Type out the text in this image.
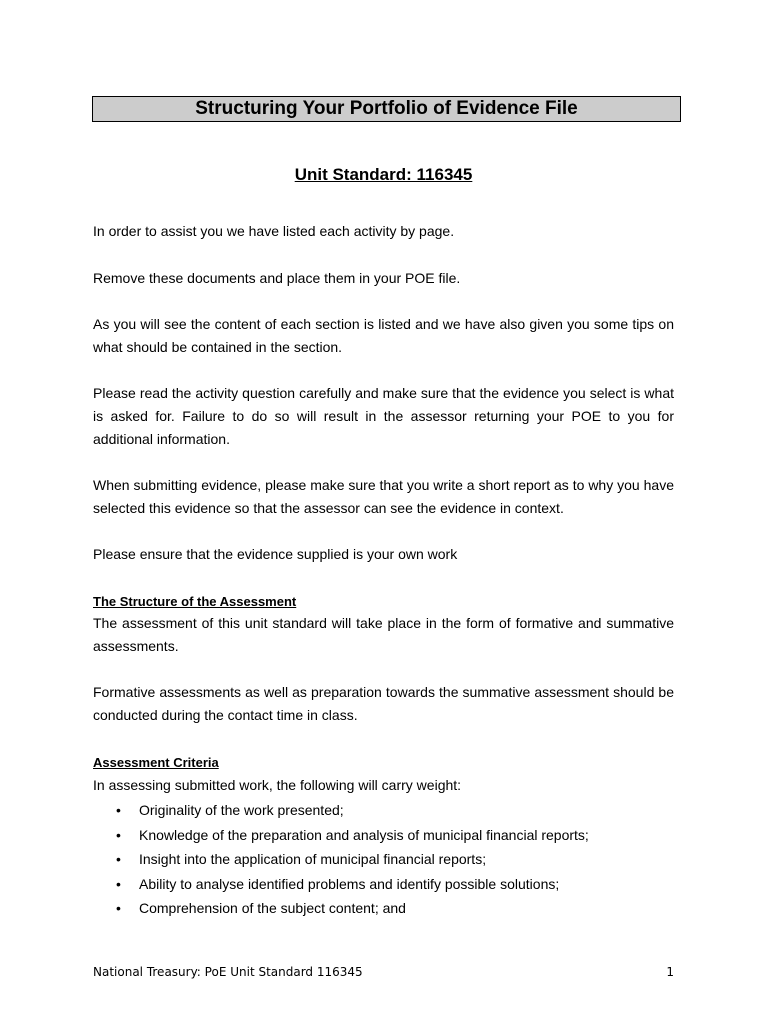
Structuring Your Portfolio of Evidence File
Unit Standard: 116345

In order to assist you we have listed each activity by page.

Remove these documents and place them in your POE file.

As you will see the content of each section is listed and we have also given you some tips on what should be contained in the section.

Please read the activity question carefully and make sure that the evidence you select is what is asked for. Failure to do so will result in the assessor returning your POE to you for additional information.

When submitting evidence, please make sure that you write a short report as to why you have selected this evidence so that the assessor can see the evidence in context.

Please ensure that the evidence supplied is your own work

The Structure of the Assessment

The assessment of this unit standard will take place in the form of formative and summative assessments.

Formative assessments as well as preparation towards the summative assessment should be conducted during the contact time in class.

Assessment Criteria

In assessing submitted work, the following will carry weight:

• Originality of the work presented;
• Knowledge of the preparation and analysis of municipal financial reports;
• Insight into the application of municipal financial reports;
• Ability to analyse identified problems and identify possible solutions;
• Comprehension of the subject content; and
National Treasury: PoE Unit Standard 116345	1
